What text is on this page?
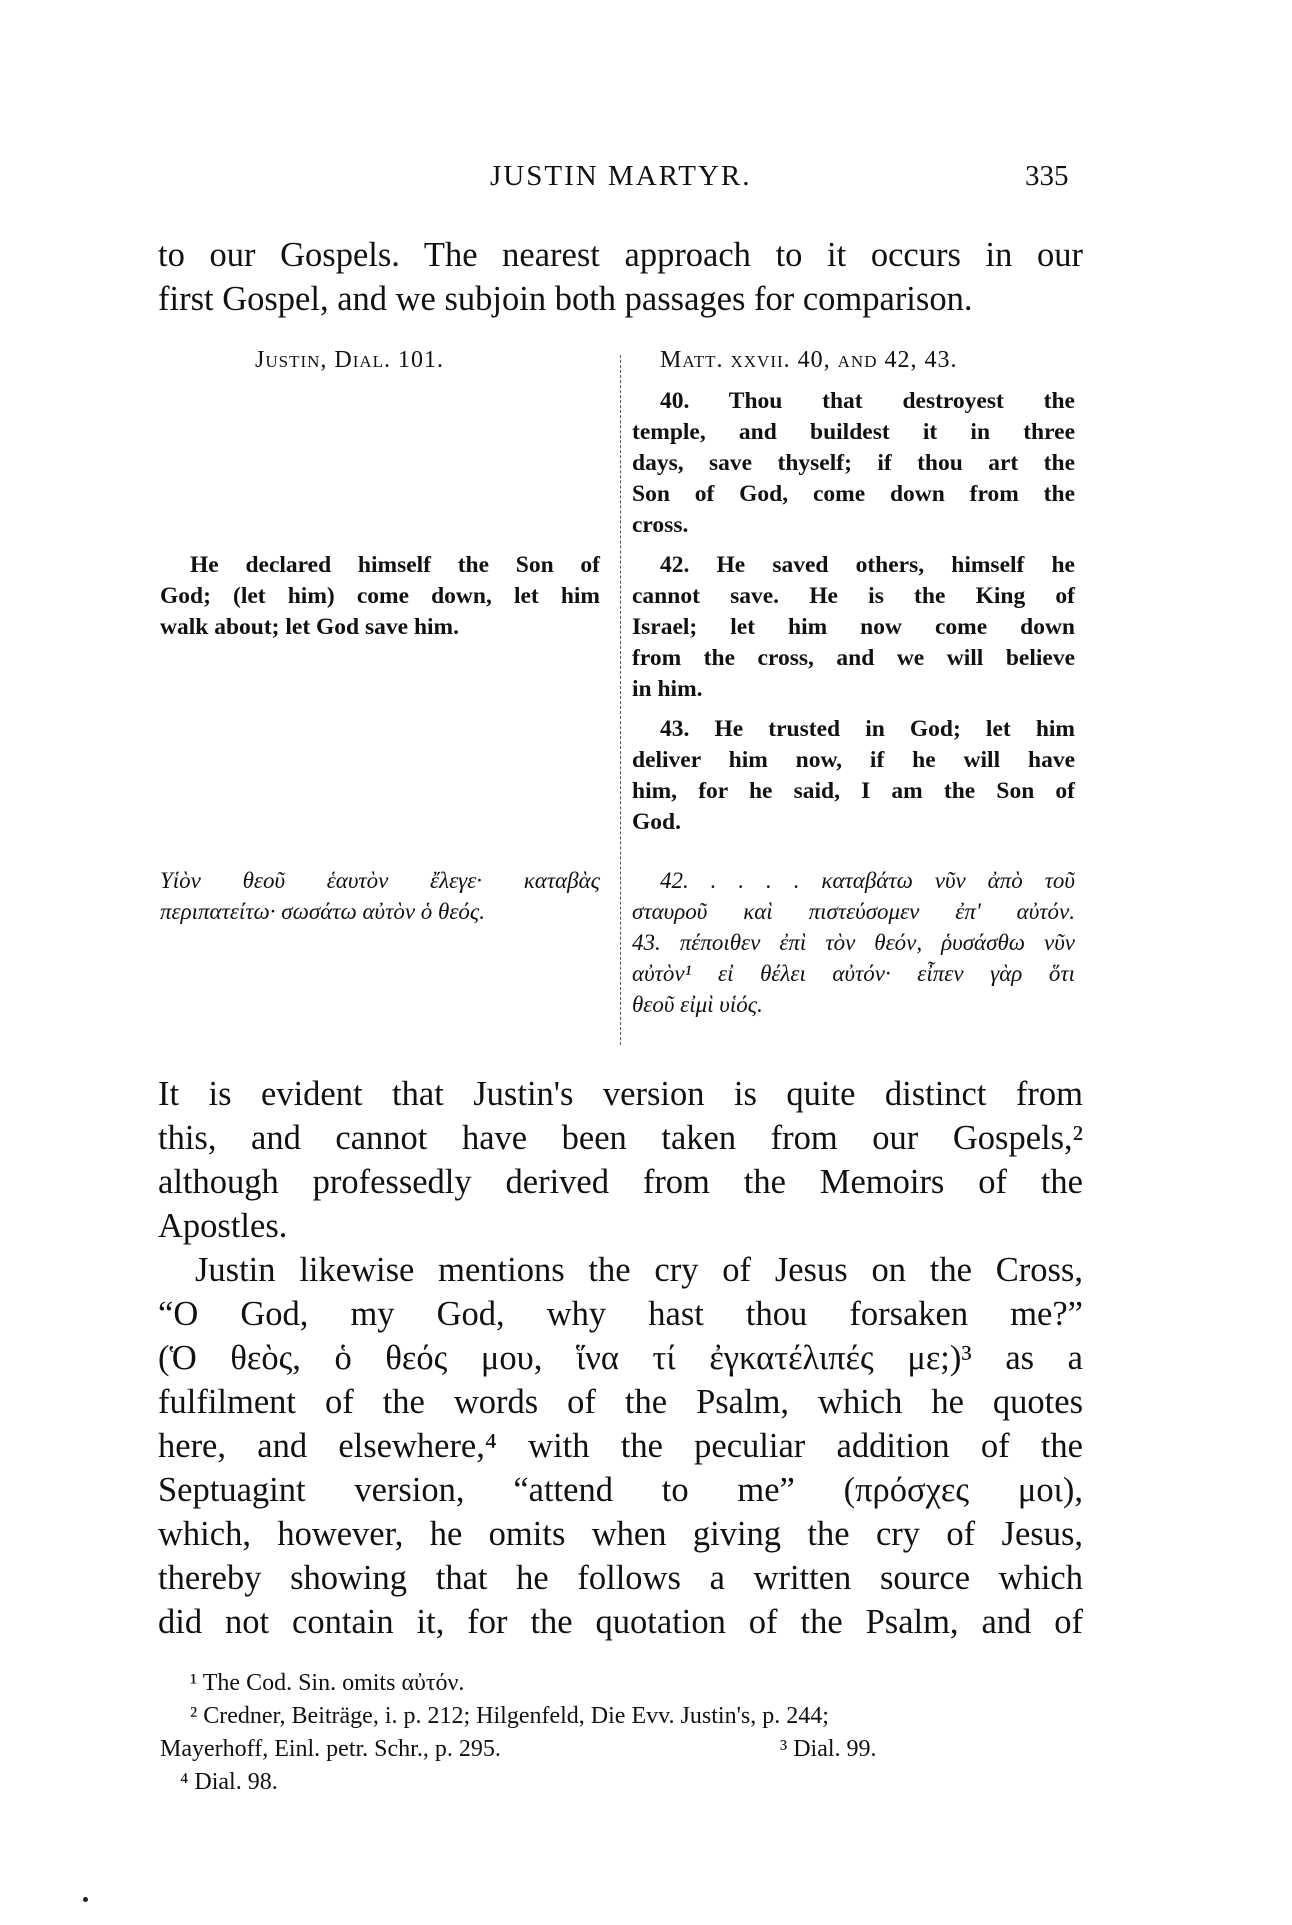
JUSTIN MARTYR.	335
to our Gospels. The nearest approach to it occurs in our
first Gospel, and we subjoin both passages for comparison.
Justin, Dial. 101.
He declared himself the Son of
God; (let him) come down, let him
walk about; let God save him.
Υἱὸν θεοῦ ἑαυτὸν ἔλεγε· καταβὰς
περιπατείτω· σωσάτω αὐτὸν ὁ θεός.
Matt. xxvii. 40, and 42, 43.
40. Thou that destroyest the
temple, and buildest it in three
days, save thyself; if thou art the
Son of God, come down from the
cross.
42. He saved others, himself he
cannot save. He is the King of
Israel; let him now come down
from the cross, and we will believe
in him.
43. He trusted in God; let him
deliver him now, if he will have
him, for he said, I am the Son of
God.
42. . . . . καταβάτω νῦν ἀπὸ τοῦ
σταυροῦ καὶ πιστεύσομεν ἐπ' αὐτόν.
43. πέποιθεν ἐπὶ τὸν θεόν, ῥυσάσθω νῦν
αὐτὸν¹ εἰ θέλει αὐτόν· εἶπεν γὰρ ὅτι
θεοῦ εἰμὶ υἱός.
It is evident that Justin's version is quite distinct from
this, and cannot have been taken from our Gospels,²
although professedly derived from the Memoirs of the
Apostles.
Justin likewise mentions the cry of Jesus on the Cross,
“O God, my God, why hast thou forsaken me?”
(Ὁ θεὸς, ὁ θεός μου, ἵνα τί ἐγκατέλιπές με;)³ as a
fulfilment of the words of the Psalm, which he quotes
here, and elsewhere,⁴ with the peculiar addition of the
Septuagint version, “attend to me” (πρόσχες μοι),
which, however, he omits when giving the cry of Jesus,
thereby showing that he follows a written source which
did not contain it, for the quotation of the Psalm, and of
¹ The Cod. Sin. omits αὐτόν.
² Credner, Beiträge, i. p. 212; Hilgenfeld, Die Evv. Justin's, p. 244;
Mayerhoff, Einl. petr. Schr., p. 295.	³ Dial. 99.
⁴ Dial. 98.
